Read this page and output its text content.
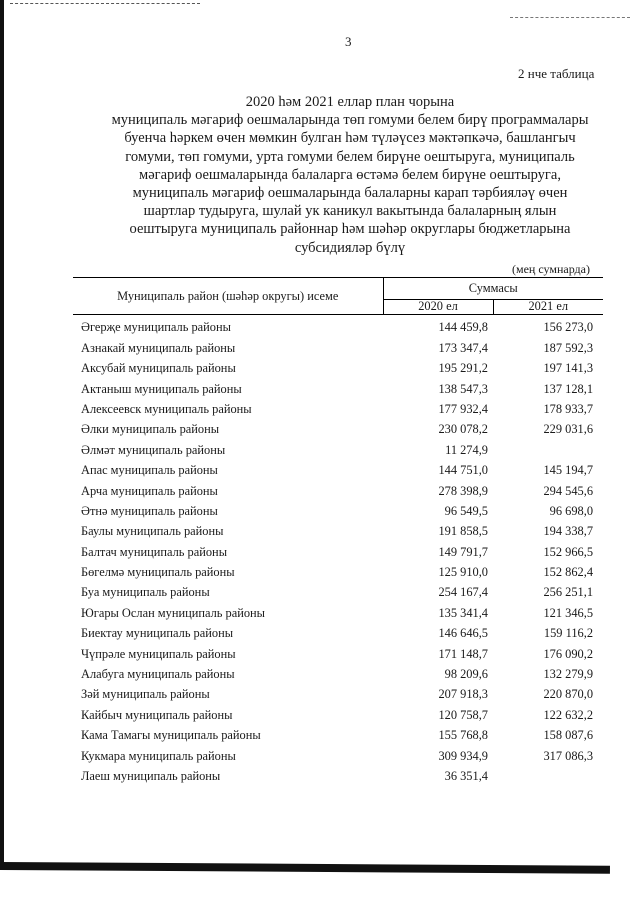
3
2 нче таблица
2020 һәм 2021 еллар план чорына
муниципаль мәгариф оешмаларында төп гомуми белем бирү программалары
буенча һәркем өчен мөмкин булган һәм түләүсез мәктәпкәчә, башлангыч
гомуми, төп гомуми, урта гомуми белем бирүне оештыруга, муниципаль
мәгариф оешмаларында балаларга өстәмә белем бирүне оештыруга,
муниципаль мәгариф оешмаларында балаларны карап тәрбияләү өчен
шартлар тудыруга, шулай ук каникул вакытында балаларның ялын
оештыруга муниципаль районнар һәм шәһәр округлары бюджетларына
субсидияләр бүлү
(мең сумнарда)
Муниципаль район (шәһәр округы) исеме	Суммасы	
	2020 ел	2021 ел
Әгерҗе муниципаль районы	144 459,8	156 273,0
Азнакай муниципаль районы	173 347,4	187 592,3
Аксубай муниципаль районы	195 291,2	197 141,3
Актаныш муниципаль районы	138 547,3	137 128,1
Алексеевск муниципаль районы	177 932,4	178 933,7
Әлки муниципаль районы	230 078,2	229 031,6
Әлмәт муниципаль районы	11 274,9	
Апас муниципаль районы	144 751,0	145 194,7
Арча муниципаль районы	278 398,9	294 545,6
Әтнә муниципаль районы	96 549,5	96 698,0
Баулы муниципаль районы	191 858,5	194 338,7
Балтач муниципаль районы	149 791,7	152 966,5
Бөгелмә муниципаль районы	125 910,0	152 862,4
Буа муниципаль районы	254 167,4	256 251,1
Югары Ослан муниципаль районы	135 341,4	121 346,5
Биектау муниципаль районы	146 646,5	159 116,2
Чүпрәле муниципаль районы	171 148,7	176 090,2
Алабуга муниципаль районы	98 209,6	132 279,9
Зәй муниципаль районы	207 918,3	220 870,0
Кайбыч муниципаль районы	120 758,7	122 632,2
Кама Тамагы муниципаль районы	155 768,8	158 087,6
Кукмара муниципаль районы	309 934,9	317 086,3
Лаеш муниципаль районы	36 351,4	
